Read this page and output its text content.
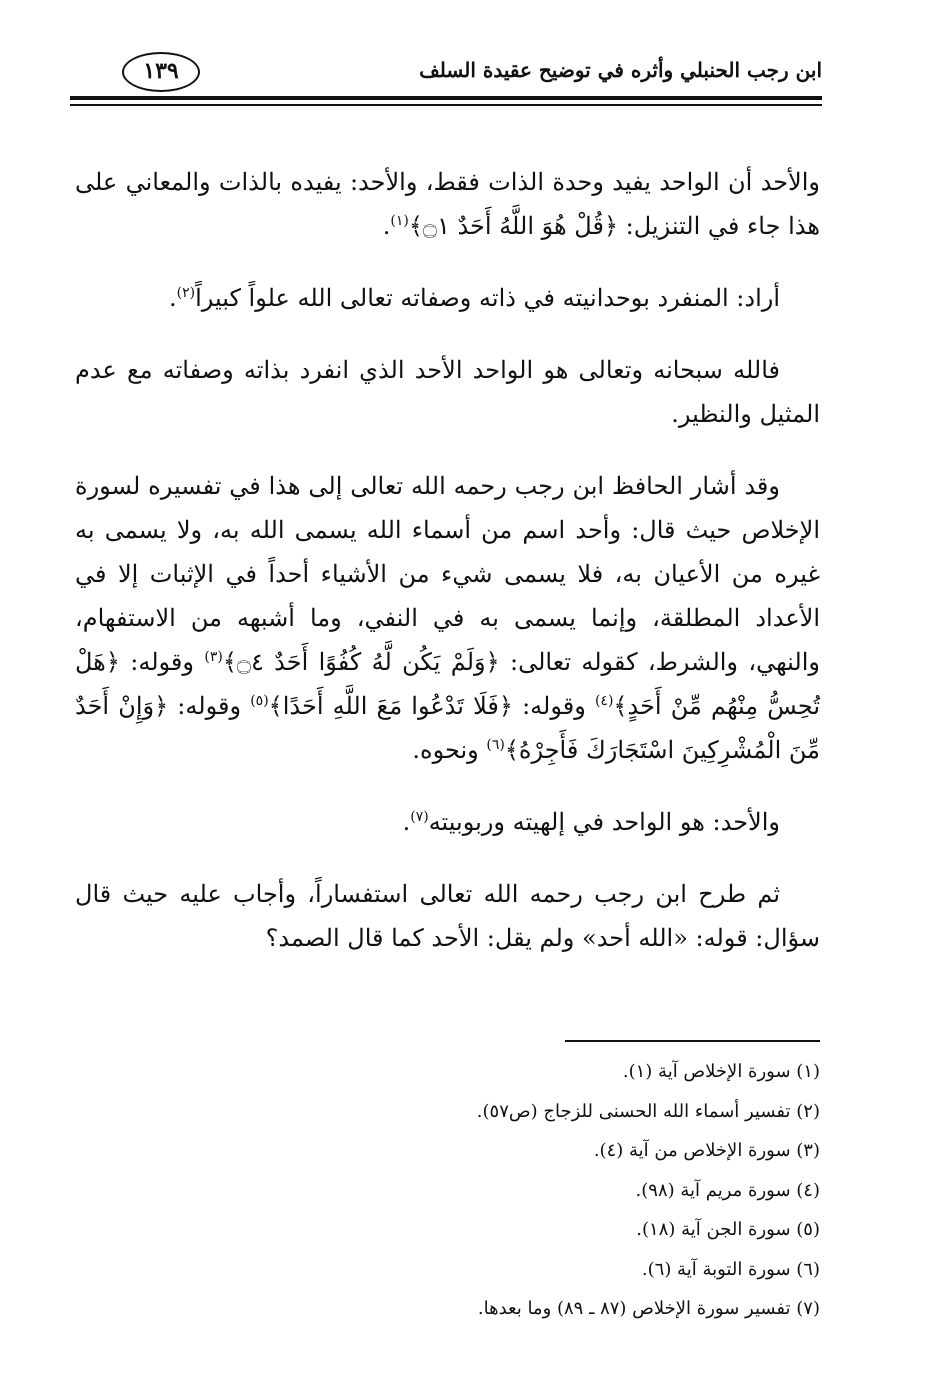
ابن رجب الحنبلي وأثره في توضيح عقيدة السلف
١٣٩

والأحد أن الواحد يفيد وحدة الذات فقط، والأحد: يفيده بالذات والمعاني على هذا جاء في التنزيل: ﴿قُلْ هُوَ اللَّهُ أَحَدٌ ۝١﴾$^{(١)}$.

أراد: المنفرد بوحدانيته في ذاته وصفاته تعالى الله علواً كبيراً$^{(٢)}$.

فالله سبحانه وتعالى هو الواحد الأحد الذي انفرد بذاته وصفاته مع عدم المثيل والنظير.

وقد أشار الحافظ ابن رجب رحمه الله تعالى إلى هذا في تفسيره لسورة الإخلاص حيث قال: وأحد اسم من أسماء الله يسمى الله به، ولا يسمى به غيره من الأعيان به، فلا يسمى شيء من الأشياء أحداً في الإثبات إلا في الأعداد المطلقة، وإنما يسمى به في النفي، وما أشبهه من الاستفهام، والنهي، والشرط، كقوله تعالى: ﴿وَلَمْ يَكُن لَّهُ كُفُوًا أَحَدٌ ۝٤﴾$^{(٣)}$ وقوله: ﴿هَلْ تُحِسُّ مِنْهُم مِّنْ أَحَدٍ﴾$^{(٤)}$ وقوله: ﴿فَلَا تَدْعُوا مَعَ اللَّهِ أَحَدًا﴾$^{(٥)}$ وقوله: ﴿وَإِنْ أَحَدٌ مِّنَ الْمُشْرِكِينَ اسْتَجَارَكَ فَأَجِرْهُ﴾$^{(٦)}$ ونحوه.

والأحد: هو الواحد في إلهيته وربوبيته$^{(٧)}$.

ثم طرح ابن رجب رحمه الله تعالى استفساراً، وأجاب عليه حيث قال سؤال: قوله: «الله أحد» ولم يقل: الأحد كما قال الصمد؟

(١) سورة الإخلاص آية (١).
(٢) تفسير أسماء الله الحسنى للزجاج (ص٥٧).
(٣) سورة الإخلاص من آية (٤).
(٤) سورة مريم آية (٩٨).
(٥) سورة الجن آية (١٨).
(٦) سورة التوبة آية (٦).
(٧) تفسير سورة الإخلاص (٨٧ ـ ٨٩) وما بعدها.
